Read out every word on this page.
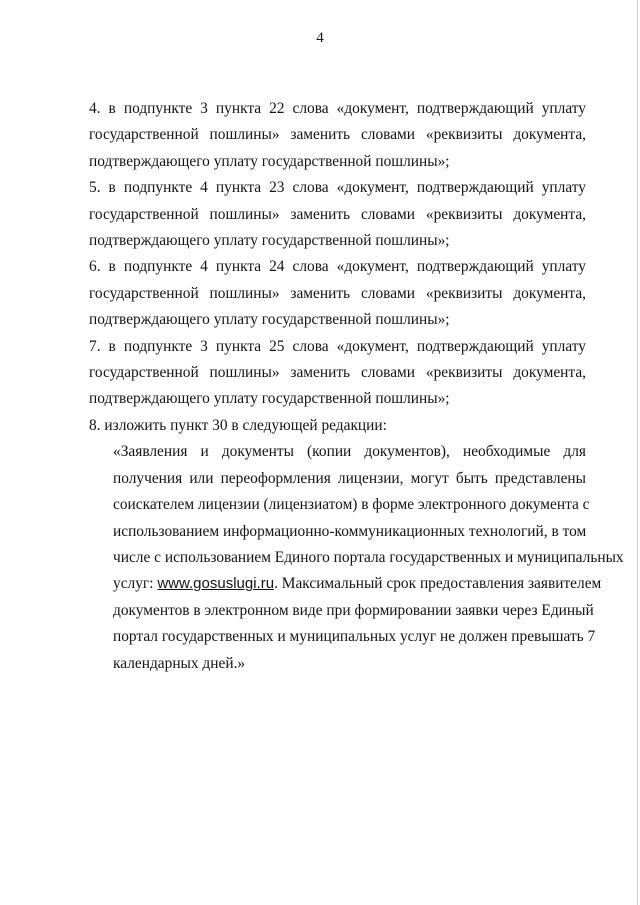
4

4. в подпункте 3 пункта 22 слова «документ, подтверждающий уплату
государственной пошлины» заменить словами «реквизиты документа,
подтверждающего уплату государственной пошлины»;

5. в подпункте 4 пункта 23 слова «документ, подтверждающий уплату
государственной пошлины» заменить словами «реквизиты документа,
подтверждающего уплату государственной пошлины»;

6. в подпункте 4 пункта 24 слова «документ, подтверждающий уплату
государственной пошлины» заменить словами «реквизиты документа,
подтверждающего уплату государственной пошлины»;

7. в подпункте 3 пункта 25 слова «документ, подтверждающий уплату
государственной пошлины» заменить словами «реквизиты документа,
подтверждающего уплату государственной пошлины»;

8. изложить пункт 30 в следующей редакции:

«Заявления и документы (копии документов), необходимые для
получения или переоформления лицензии, могут быть представлены
соискателем лицензии (лицензиатом) в форме электронного документа с
использованием информационно-коммуникационных технологий, в том
числе с использованием Единого портала государственных и муниципальных
услуг: www.gosuslugi.ru. Максимальный срок предоставления заявителем
документов в электронном виде при формировании заявки через Единый
портал государственных и муниципальных услуг не должен превышать 7
календарных дней.»
